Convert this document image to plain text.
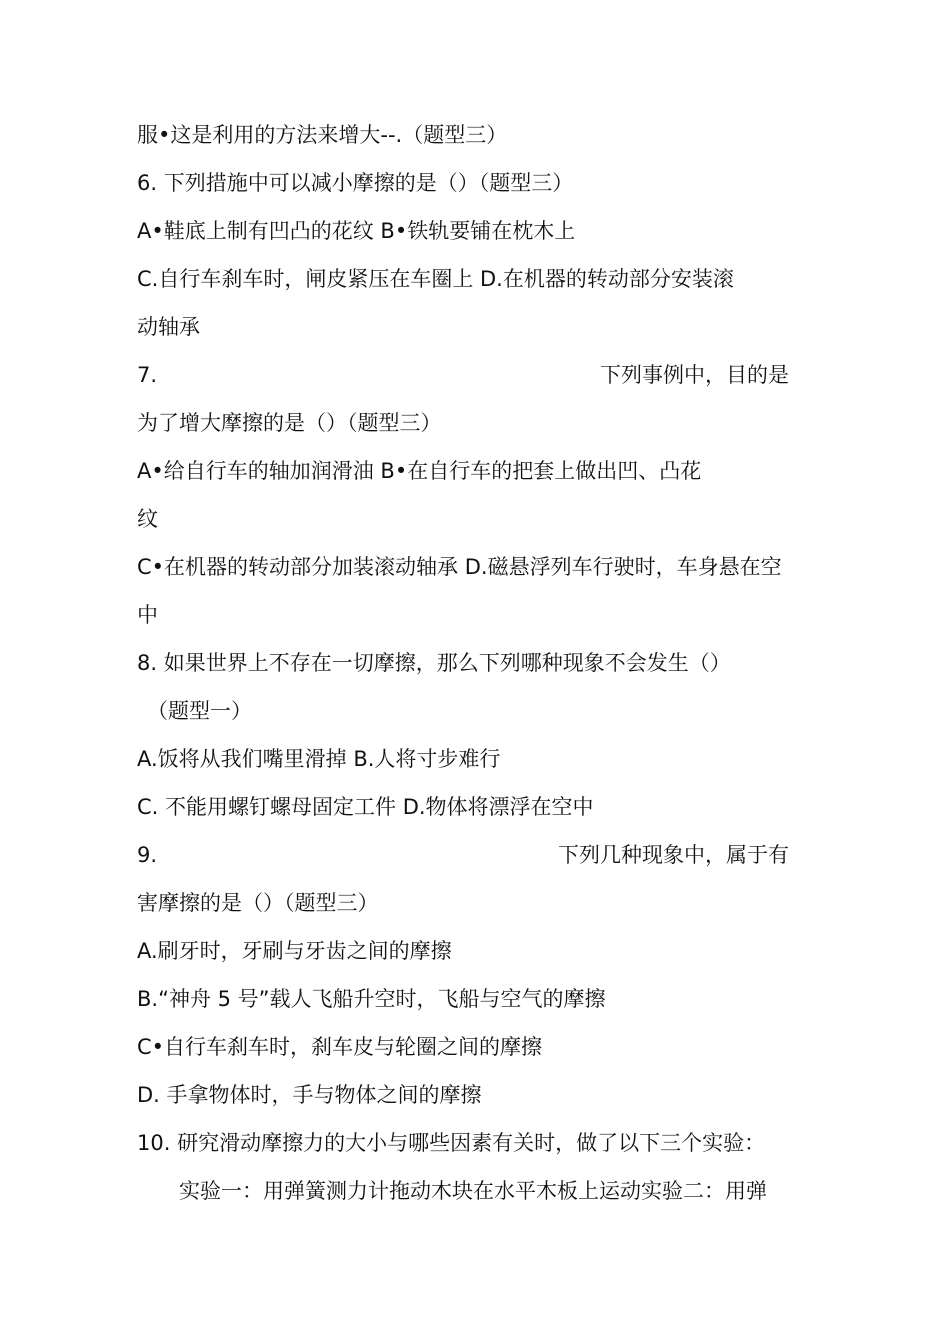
服•这是利用的方法来增大--.（题型三）
6. 下列措施中可以减小摩擦的是（）（题型三）
A•鞋底上制有凹凸的花纹 B•铁轨要铺在枕木上
C.自行车刹车时，闸皮紧压在车圈上 D.在机器的转动部分安装滚
动轴承
7.	下列事例中，目的是
为了增大摩擦的是（）（题型三）
A•给自行车的轴加润滑油 B•在自行车的把套上做出凹、凸花
纹
C•在机器的转动部分加装滚动轴承 D.磁悬浮列车行驶时，车身悬在空
中
8. 如果世界上不存在一切摩擦，那么下列哪种现象不会发生（）
（题型一）
A.饭将从我们嘴里滑掉 B.人将寸步难行
C. 不能用螺钉螺母固定工件 D.物体将漂浮在空中
9.	下列几种现象中，属于有
害摩擦的是（）（题型三）
A.刷牙时，牙刷与牙齿之间的摩擦
B.“神舟 5 号”载人飞船升空时，飞船与空气的摩擦
C•自行车刹车时，刹车皮与轮圈之间的摩擦
D. 手拿物体时，手与物体之间的摩擦
10. 研究滑动摩擦力的大小与哪些因素有关时，做了以下三个实验：
实验一：用弹簧测力计拖动木块在水平木板上运动实验二：用弹
